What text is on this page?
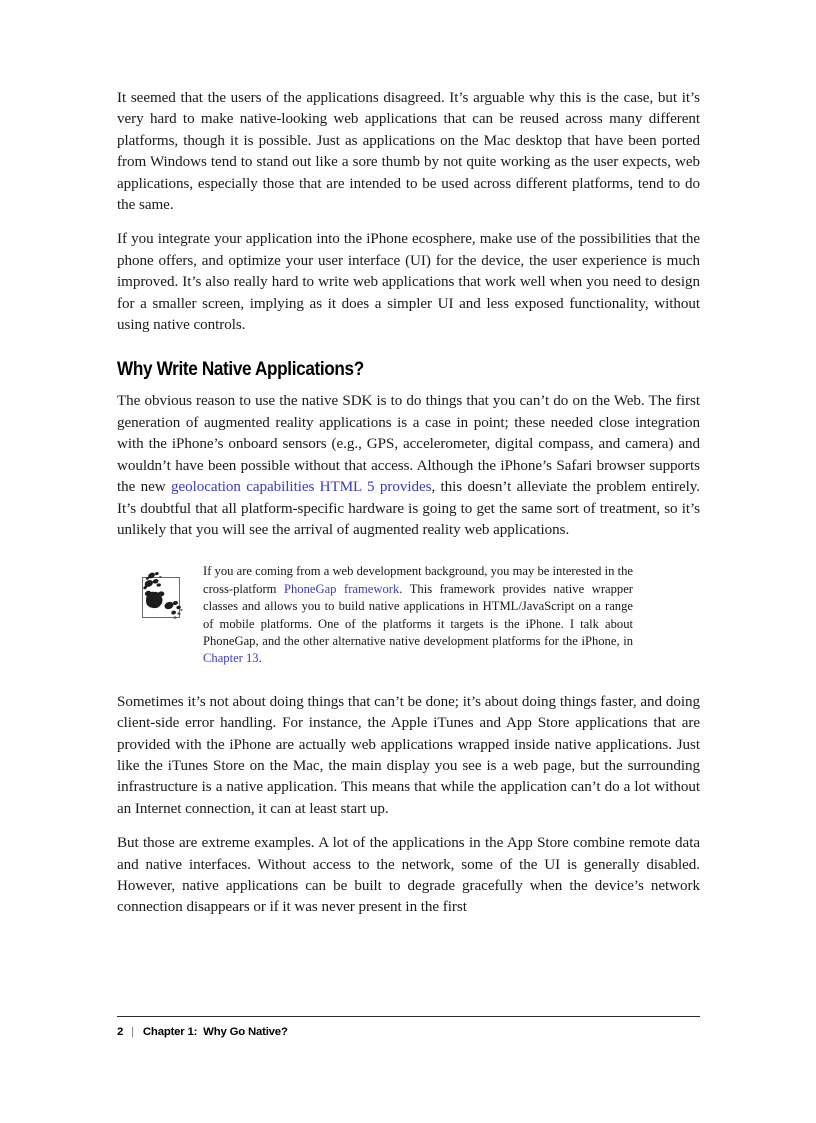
It seemed that the users of the applications disagreed. It’s arguable why this is the case, but it’s very hard to make native-looking web applications that can be reused across many different platforms, though it is possible. Just as applications on the Mac desktop that have been ported from Windows tend to stand out like a sore thumb by not quite working as the user expects, web applications, especially those that are intended to be used across different platforms, tend to do the same.

If you integrate your application into the iPhone ecosphere, make use of the possibilities that the phone offers, and optimize your user interface (UI) for the device, the user experience is much improved. It’s also really hard to write web applications that work well when you need to design for a smaller screen, implying as it does a simpler UI and less exposed functionality, without using native controls.

Why Write Native Applications?

The obvious reason to use the native SDK is to do things that you can’t do on the Web. The first generation of augmented reality applications is a case in point; these needed close integration with the iPhone’s onboard sensors (e.g., GPS, accelerometer, digital compass, and camera) and wouldn’t have been possible without that access. Although the iPhone’s Safari browser supports the new geolocation capabilities HTML 5 provides, this doesn’t alleviate the problem entirely. It’s doubtful that all platform-specific hardware is going to get the same sort of treatment, so it’s unlikely that you will see the arrival of augmented reality web applications.

If you are coming from a web development background, you may be interested in the cross-platform PhoneGap framework. This framework provides native wrapper classes and allows you to build native applications in HTML/JavaScript on a range of mobile platforms. One of the platforms it targets is the iPhone. I talk about PhoneGap, and the other alternative native development platforms for the iPhone, in Chapter 13.

Sometimes it’s not about doing things that can’t be done; it’s about doing things faster, and doing client-side error handling. For instance, the Apple iTunes and App Store applications that are provided with the iPhone are actually web applications wrapped inside native applications. Just like the iTunes Store on the Mac, the main display you see is a web page, but the surrounding infrastructure is a native application. This means that while the application can’t do a lot without an Internet connection, it can at least start up.

But those are extreme examples. A lot of the applications in the App Store combine remote data and native interfaces. Without access to the network, some of the UI is generally disabled. However, native applications can be built to degrade gracefully when the device’s network connection disappears or if it was never present in the first

2 | Chapter 1:  Why Go Native?
